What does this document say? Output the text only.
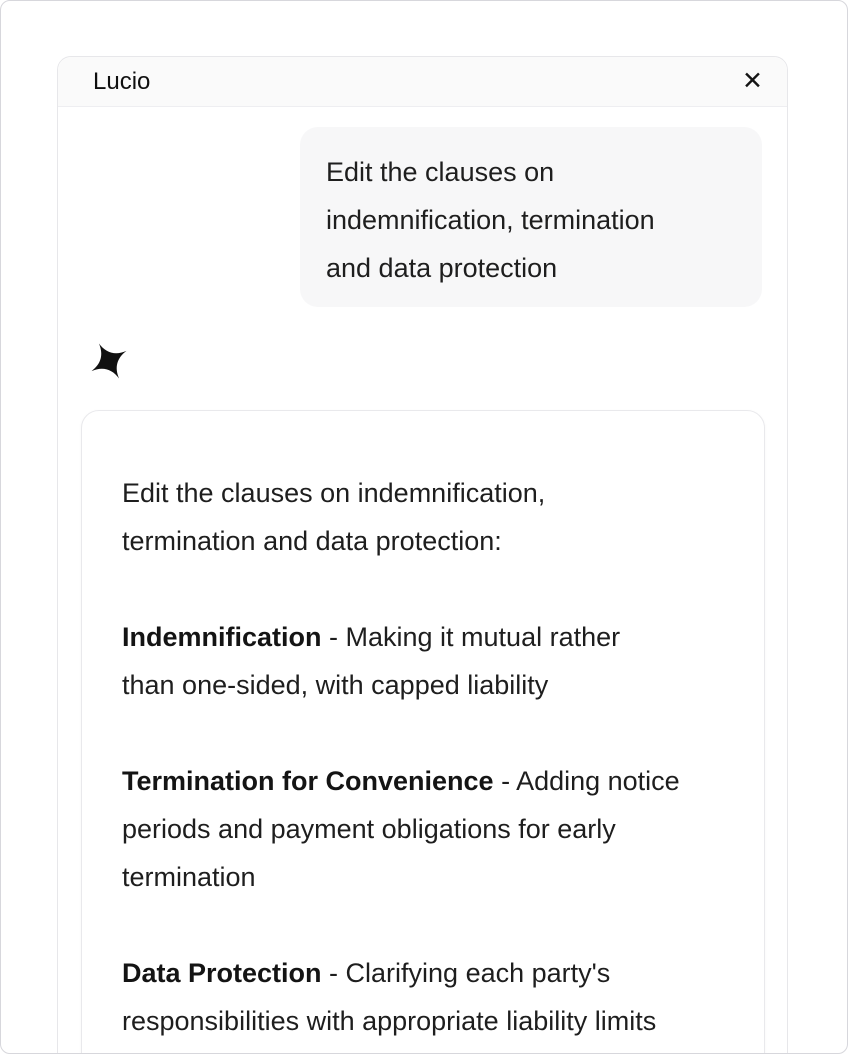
Lucio	✕
Edit the clauses on
indemnification, termination
and data protection
Edit the clauses on indemnification,
termination and data protection:
Indemnification - Making it mutual rather
than one-sided, with capped liability
Termination for Convenience - Adding notice
periods and payment obligations for early
termination
Data Protection - Clarifying each party's
responsibilities with appropriate liability limits
